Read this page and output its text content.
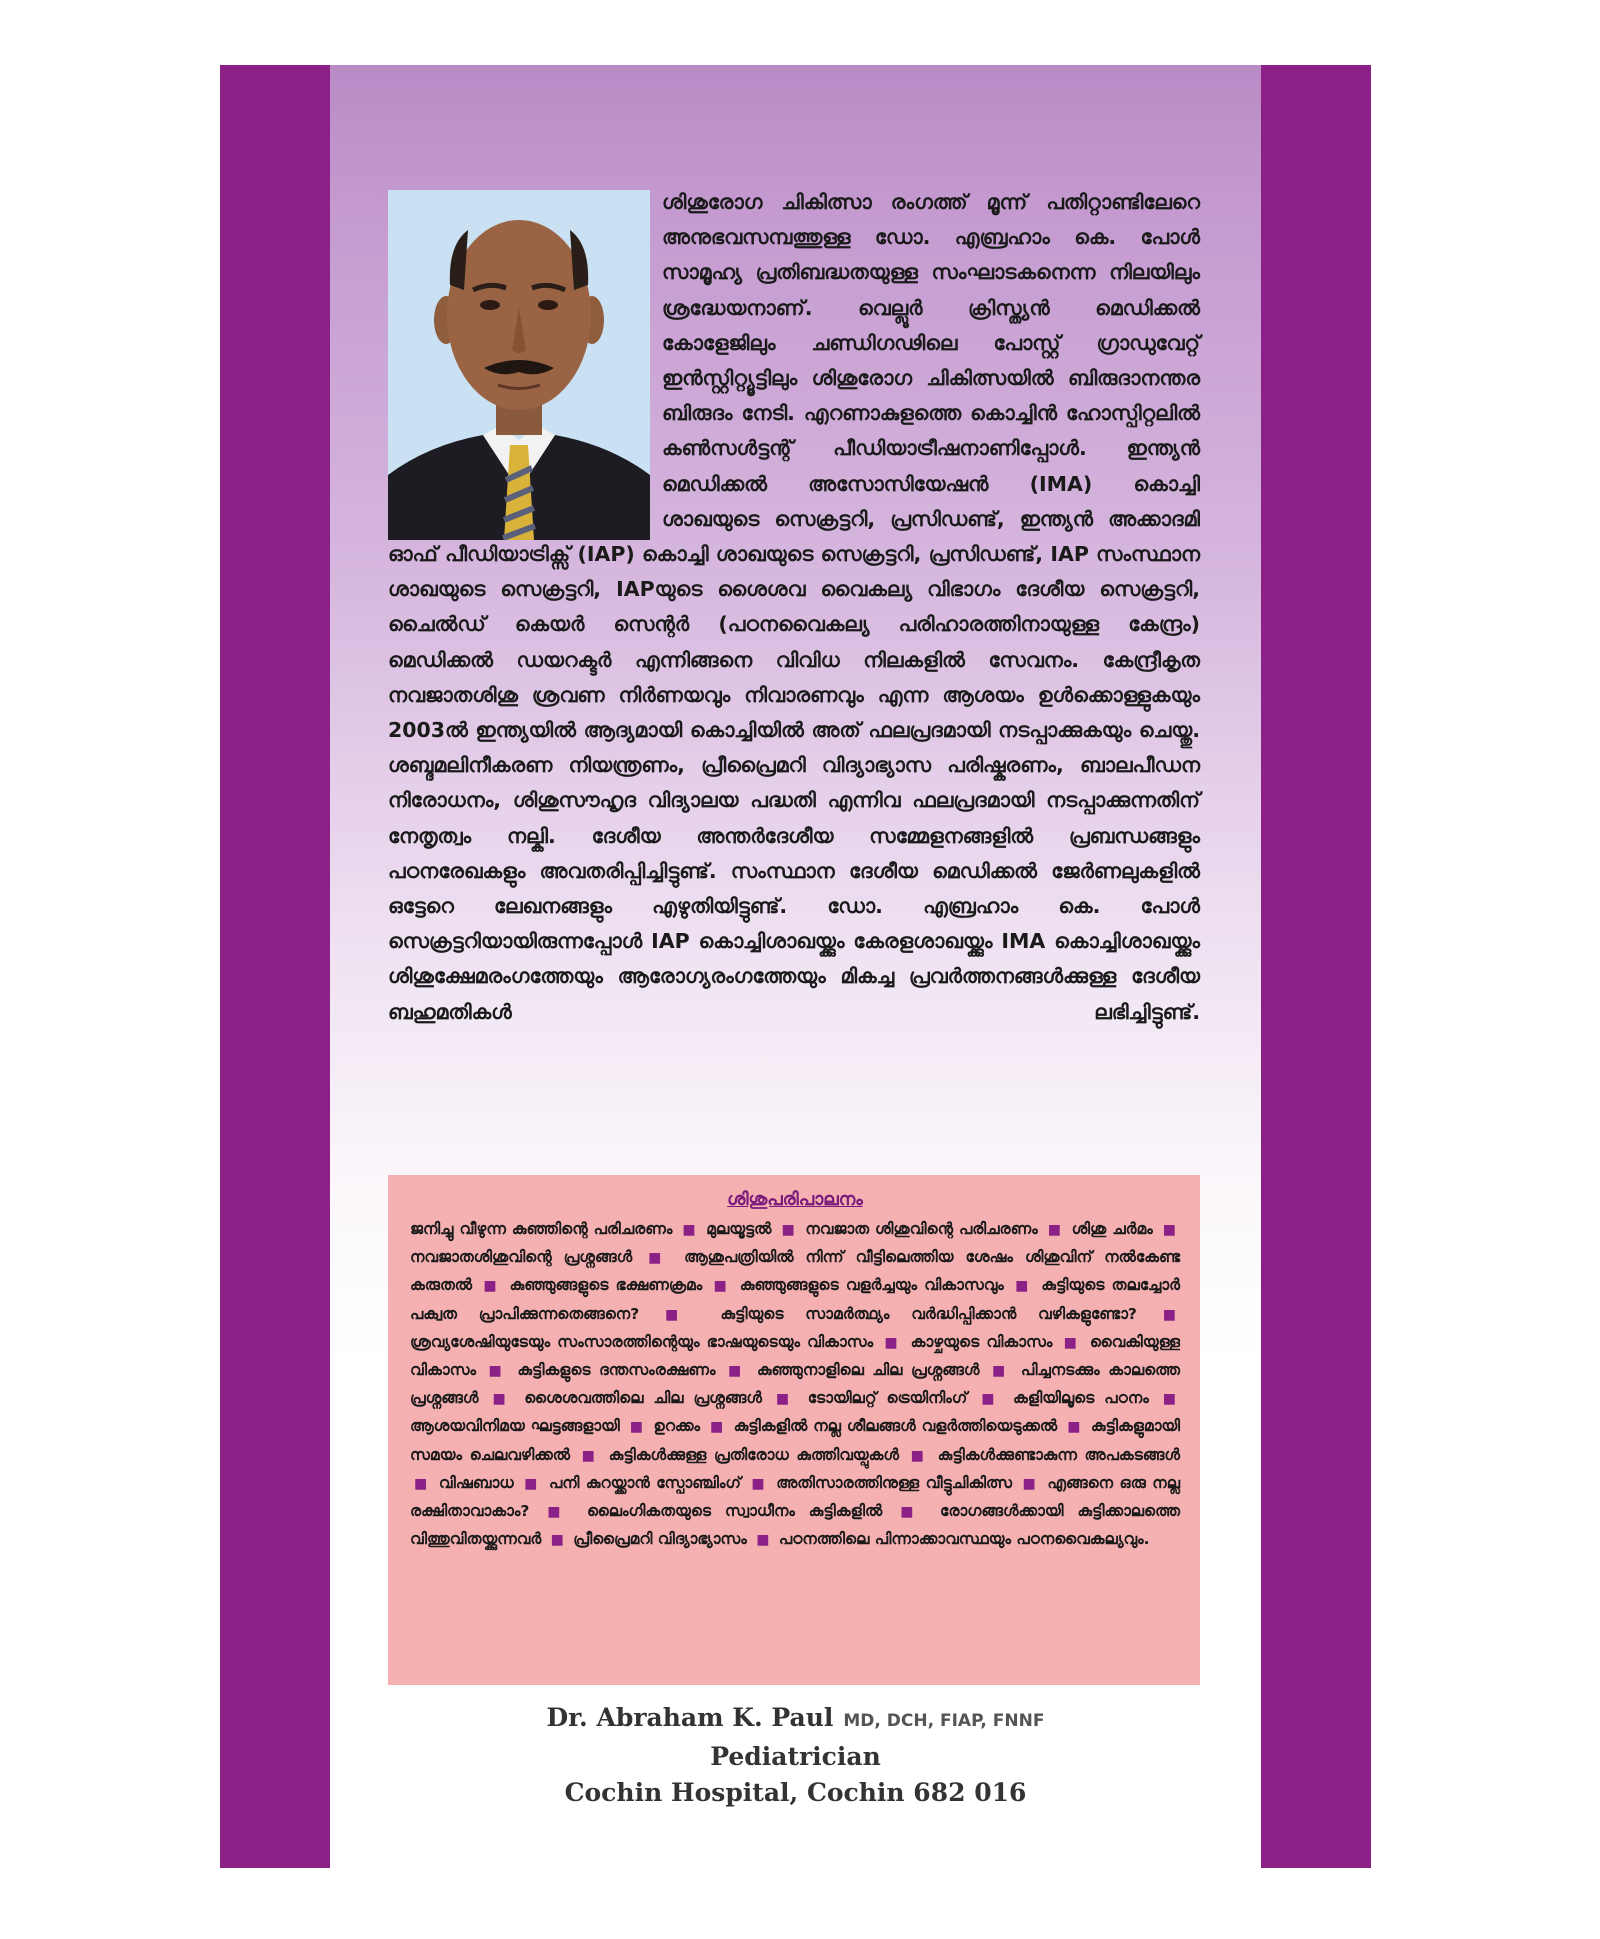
ശിശുരോഗ ചികിത്സാ രംഗത്ത് മൂന്ന് പതിറ്റാണ്ടിലേറെ അനുഭവസമ്പത്തുള്ള ഡോ. എബ്രഹാം കെ. പോൾ സാമൂഹ്യ പ്രതിബദ്ധതയുള്ള സംഘാടകനെന്ന നിലയിലും ശ്രദ്ധേയനാണ്. വെല്ലൂർ ക്രിസ്ത്യൻ മെഡിക്കൽ കോളേജിലും ചണ്ഡിഗഢിലെ പോസ്റ്റ് ഗ്രാഡുവേറ്റ് ഇൻസ്റ്റിറ്റ്യൂട്ടിലും ശിശുരോഗ ചികിത്സയിൽ ബിരുദാനന്തര ബിരുദം നേടി. എറണാകുളത്തെ കൊച്ചിൻ ഹോസ്പിറ്റലിൽ കൺസൾട്ടന്റ് പീഡിയാട്രീഷനാണിപ്പോൾ. ഇന്ത്യൻ മെഡിക്കൽ അസോസിയേഷൻ (IMA) കൊച്ചി ശാഖയുടെ സെക്രട്ടറി, പ്രസിഡണ്ട്, ഇന്ത്യൻ അക്കാദമി ഓഫ് പീഡിയാട്രിക്സ് (IAP) കൊച്ചി ശാഖയുടെ സെക്രട്ടറി, പ്രസിഡണ്ട്, IAP സംസ്ഥാന ശാഖയുടെ സെക്രട്ടറി, IAPയുടെ ശൈശവ വൈകല്യ വിഭാഗം ദേശീയ സെക്രട്ടറി, ചൈൽഡ് കെയർ സെന്റർ (പഠനവൈകല്യ പരിഹാരത്തിനായുള്ള കേന്ദ്രം) മെഡിക്കൽ ഡയറക്ടർ എന്നിങ്ങനെ വിവിധ നിലകളിൽ സേവനം. കേന്ദ്രീകൃത നവജാതശിശു ശ്രവണ നിർണയവും നിവാരണവും എന്ന ആശയം ഉൾക്കൊള്ളുകയും 2003ൽ ഇന്ത്യയിൽ ആദ്യമായി കൊച്ചിയിൽ അത് ഫലപ്രദമായി നടപ്പാക്കുകയും ചെയ്തു. ശബ്ദമലിനീകരണ നിയന്ത്രണം, പ്രീപ്രൈമറി വിദ്യാഭ്യാസ പരിഷ്കരണം, ബാലപീഡന നിരോധനം, ശിശുസൗഹൃദ വിദ്യാലയ പദ്ധതി എന്നിവ ഫലപ്രദമായി നടപ്പാക്കുന്നതിന് നേതൃത്വം നല്കി. ദേശീയ അന്തർദേശീയ സമ്മേളനങ്ങളിൽ പ്രബന്ധങ്ങളും പഠനരേഖകളും അവതരിപ്പിച്ചിട്ടുണ്ട്. സംസ്ഥാന ദേശീയ മെഡിക്കൽ ജേർണലുകളിൽ ഒട്ടേറെ ലേഖനങ്ങളും എഴുതിയിട്ടുണ്ട്. ഡോ. എബ്രഹാം കെ. പോൾ സെക്രട്ടറിയായിരുന്നപ്പോൾ IAP കൊച്ചിശാഖയ്ക്കും കേരളശാഖയ്ക്കും IMA കൊച്ചിശാഖയ്ക്കും ശിശുക്ഷേമരംഗത്തേയും ആരോഗ്യരംഗത്തേയും മികച്ച പ്രവർത്തനങ്ങൾക്കുള്ള ദേശീയ ബഹുമതികൾ ലഭിച്ചിട്ടുണ്ട്.

ശിശുപരിപാലനം
ജനിച്ചു വീഴുന്ന കുഞ്ഞിന്റെ പരിചരണം ■ മുലയൂട്ടൽ ■ നവജാത ശിശുവിന്റെ പരിചരണം ■ ശിശു ചർമം ■ നവജാതശിശുവിന്റെ പ്രശ്നങ്ങൾ ■ ആശുപത്രിയിൽ നിന്ന് വീട്ടിലെത്തിയ ശേഷം ശിശുവിന് നൽകേണ്ട കരുതൽ ■ കുഞ്ഞുങ്ങളുടെ ഭക്ഷണക്രമം ■ കുഞ്ഞുങ്ങളുടെ വളർച്ചയും വികാസവും ■ കുട്ടിയുടെ തലച്ചോർ പക്വത പ്രാപിക്കുന്നതെങ്ങനെ? ■ കുട്ടിയുടെ സാമർത്ഥ്യം വർദ്ധിപ്പിക്കാൻ വഴികളുണ്ടോ? ■ ശ്രവ്യശേഷിയുടേയും സംസാരത്തിന്റെയും ഭാഷയുടെയും വികാസം ■ കാഴ്ചയുടെ വികാസം ■ വൈകിയുള്ള വികാസം ■ കുട്ടികളുടെ ദന്തസംരക്ഷണം ■ കുഞ്ഞുനാളിലെ ചില പ്രശ്നങ്ങൾ ■ പിച്ചനടക്കും കാലത്തെ പ്രശ്നങ്ങൾ ■ ശൈശവത്തിലെ ചില പ്രശ്നങ്ങൾ ■ ടോയിലറ്റ് ട്രെയിനിംഗ് ■ കളിയിലൂടെ പഠനം ■ ആശയവിനിമയ ഘട്ടങ്ങളായി ■ ഉറക്കം ■ കുട്ടികളിൽ നല്ല ശീലങ്ങൾ വളർത്തിയെടുക്കൽ ■ കുട്ടികളുമായി സമയം ചെലവഴിക്കൽ ■ കുട്ടികൾക്കുള്ള പ്രതിരോധ കുത്തിവയ്പുകൾ ■ കുട്ടികൾക്കുണ്ടാകുന്ന അപകടങ്ങൾ ■ വിഷബാധ ■ പനി കുറയ്ക്കാൻ സ്പോഞ്ചിംഗ് ■ അതിസാരത്തിനുള്ള വീട്ടുചികിത്സ ■ എങ്ങനെ ഒരു നല്ല രക്ഷിതാവാകാം? ■ ലൈംഗികതയുടെ സ്വാധീനം കുട്ടികളിൽ ■ രോഗങ്ങൾക്കായി കുട്ടിക്കാലത്തെ വിത്തുവിതയ്ക്കുന്നവർ ■ പ്രീപ്രൈമറി വിദ്യാഭ്യാസം ■ പഠനത്തിലെ പിന്നാക്കാവസ്ഥയും പഠനവൈകല്യവും.
Dr. Abraham K. Paul MD, DCH, FIAP, FNNF
Pediatrician
Cochin Hospital, Cochin 682 016
